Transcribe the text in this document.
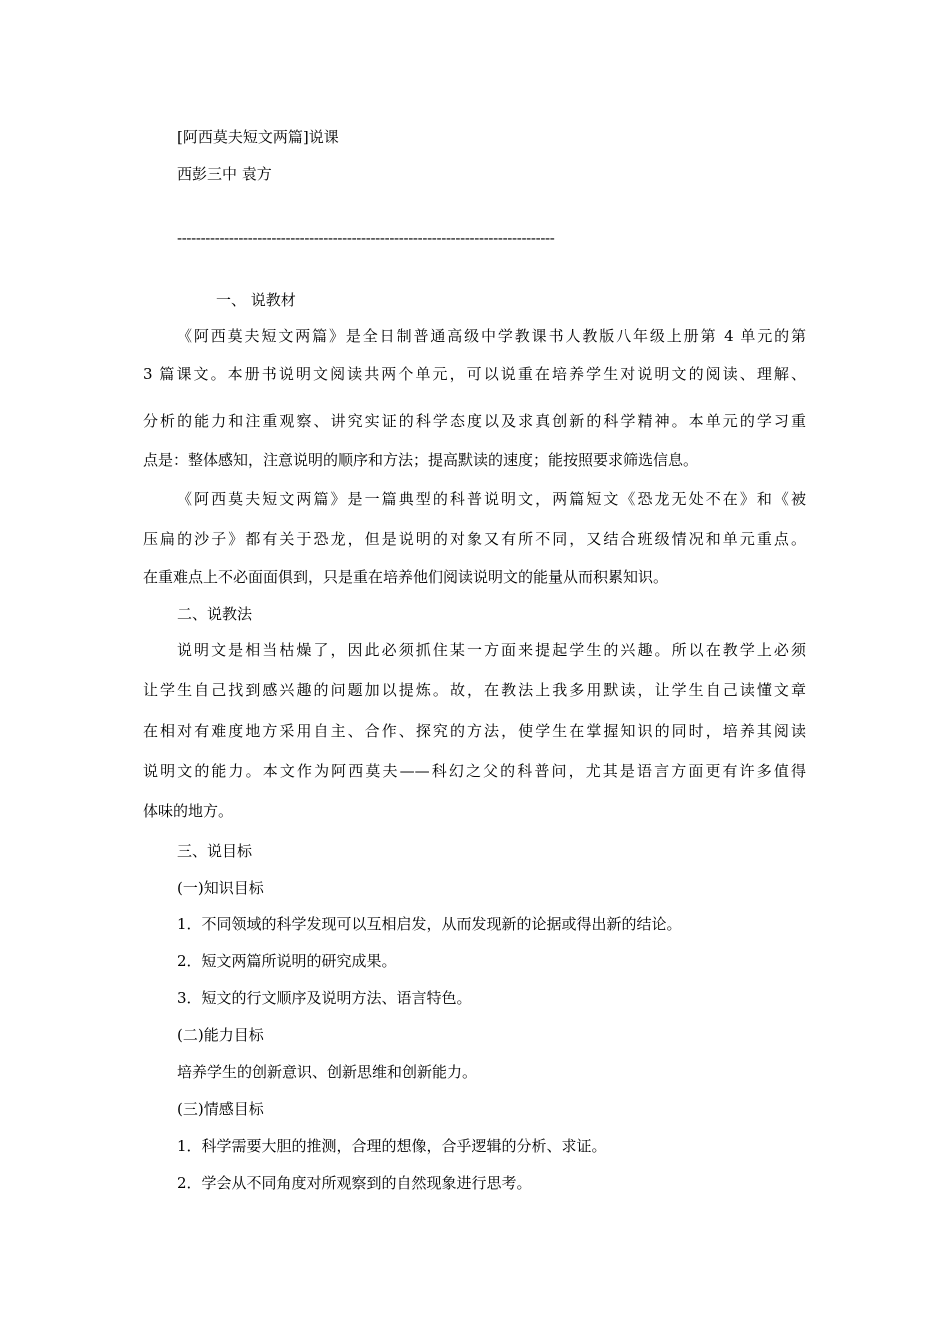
[阿西莫夫短文两篇]说课
西彭三中 袁方
--------------------------------------------------------------------------------
一、 说教材
《阿西莫夫短文两篇》是全日制普通高级中学教课书人教版八年级上册第 4 单元的第
3 篇课文。本册书说明文阅读共两个单元，可以说重在培养学生对说明文的阅读、理解、
分析的能力和注重观察、讲究实证的科学态度以及求真创新的科学精神。本单元的学习重
点是：整体感知，注意说明的顺序和方法；提高默读的速度；能按照要求筛选信息。
《阿西莫夫短文两篇》是一篇典型的科普说明文，两篇短文《恐龙无处不在》和《被
压扁的沙子》都有关于恐龙，但是说明的对象又有所不同，又结合班级情况和单元重点。
在重难点上不必面面俱到，只是重在培养他们阅读说明文的能量从而积累知识。
二、说教法
说明文是相当枯燥了，因此必须抓住某一方面来提起学生的兴趣。所以在教学上必须
让学生自己找到感兴趣的问题加以提炼。故，在教法上我多用默读，让学生自己读懂文章
在相对有难度地方采用自主、合作、探究的方法，使学生在掌握知识的同时，培养其阅读
说明文的能力。本文作为阿西莫夫——科幻之父的科普问，尤其是语言方面更有许多值得
体味的地方。
三、说目标
(一)知识目标
1．不同领域的科学发现可以互相启发，从而发现新的论据或得出新的结论。
2．短文两篇所说明的研究成果。
3．短文的行文顺序及说明方法、语言特色。
(二)能力目标
培养学生的创新意识、创新思维和创新能力。
(三)情感目标
1．科学需要大胆的推测，合理的想像，合乎逻辑的分析、求证。
2．学会从不同角度对所观察到的自然现象进行思考。
